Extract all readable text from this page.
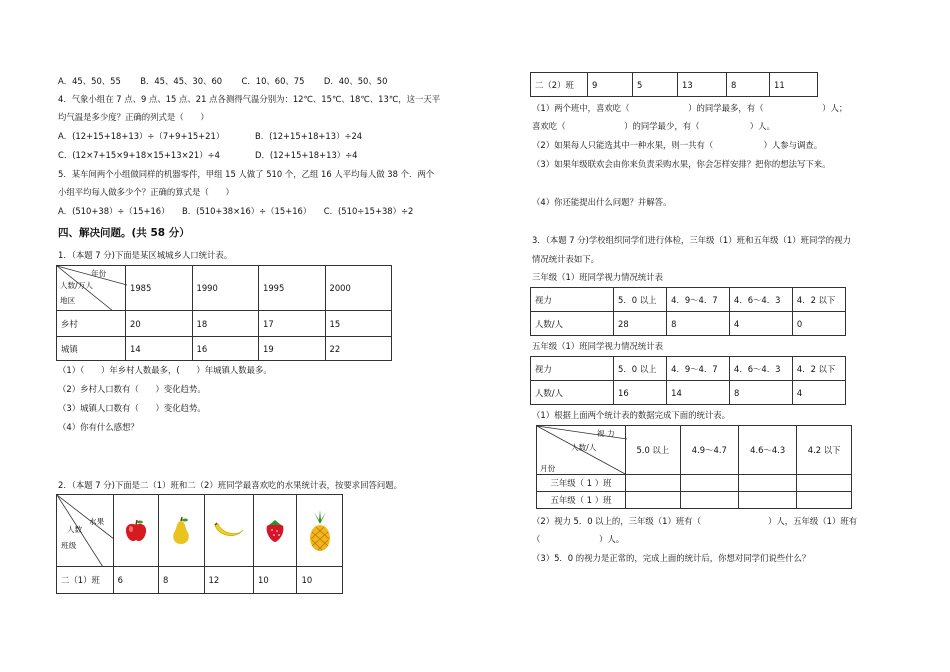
A．45、50、55　　 B．45、45、30、60　　 C．10、60、75　　 D．40、50、50
4．气象小组在 7 点、9 点、15 点、21 点各测得气温分别为：12℃、15℃、18℃、13℃，这一天平
均气温是多少度？正确的列式是（　　）
A．(12+15+18+13）÷（7+9+15+21）	B．(12+15+18+13）÷24
C．(12×7+15×9+18×15+13×21）÷4	D．(12+15+18+13）÷4
5．某车间两个小组做同样的机器零件，甲组 15 人做了 510 个，乙组 16 人平均每人做 38 个．两个
小组平均每人做多少个？正确的算式是（　　）
A．(510+38）÷（15+16）　　B．(510+38×16）÷（15+16）　　C．(510÷15+38）÷2
四、解决问题。(共 58 分）
1．（本题 7 分)下面是某区城城乡人口统计表。
年份
人数/万人
地区	1985	1990	1995	2000
乡村	20	18	17	15
城镇	14	16	19	22
（1）（　　）年乡村人数最多，(　　）年城镇人数最多。
（2）乡村人口数有（　　）变化趋势。
（3）城镇人口数有（　　）变化趋势。
（4）你有什么感想？
2．（本题 7 分)下面是二（1）班和二（2）班同学最喜欢吃的水果统计表，按要求回答问题。
水果
人数
班级

二（1）班	6	8	12	10	10
二（2）班	9	5	13	8	11
（1）两个班中，喜欢吃（　　　　　　　）的同学最多，有（　　　　　　　）人；
喜欢吃（　　　　　　　）的同学最少，有（　　　　　　）人。
（2）如果每人只能选其中一种水果，则一共有（　　　　　　）人参与调查。
（3）如果年级联欢会由你来负责采购水果，你会怎样安排？把你的想法写下来。
（4）你还能提出什么问题？并解答。
3．（本题 7 分)学校组织同学们进行体检，三年级（1）班和五年级（1）班同学的视力
情况统计表如下。
三年级（1）班同学视力情况统计表
视力	5．0 以上	4．9～4．7	4．6～4．3	4．2 以下
人数/人	28	8	4	0
五年级（1）班同学视力情况统计表
视力	5．0 以上	4．9～4．7	4．6～4．3	4．2 以下
人数/人	16	14	8	4
（1）根据上面两个统计表的数据完成下面的统计表。
视 力
人数/人
月份	5.0 以上	4.9～4.7	4.6～4.3	4.2 以下
三年级（ 1 ）班				
五年级（ 1 ）班				
（2）视力 5．0 以上的，三年级（1）班有（　　　　　　　　）人，五年级（1）班有
（　　　　　　　）人。
（3）5．0 的视力是正常的，完成上面的统计后，你想对同学们说些什么？
